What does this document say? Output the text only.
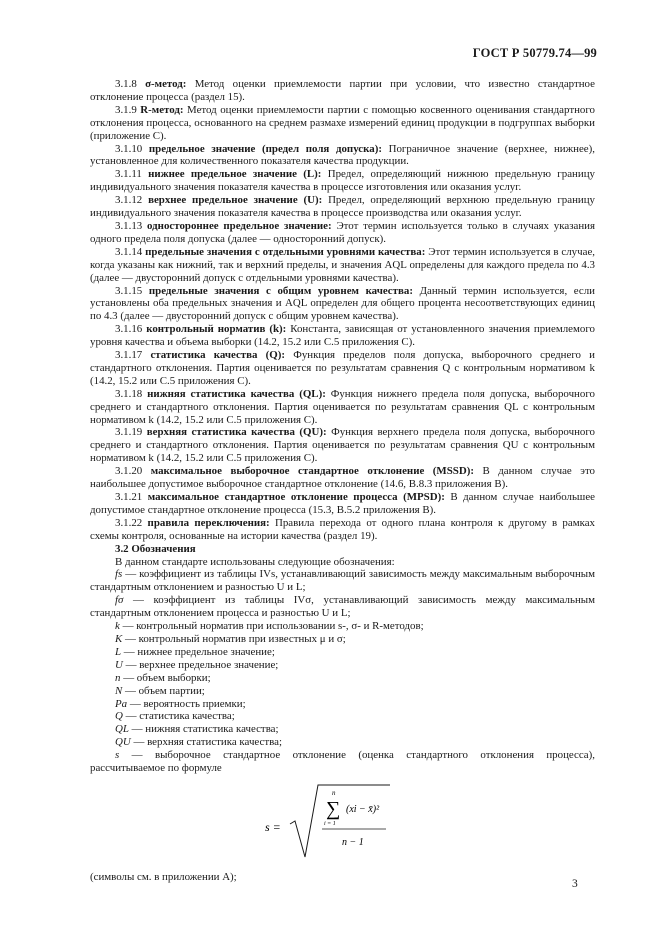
ГОСТ Р 50779.74—99

3.1.8 σ-метод: Метод оценки приемлемости партии при условии, что известно стандартное отклонение процесса (раздел 15).

3.1.9 R-метод: Метод оценки приемлемости партии с помощью косвенного оценивания стандартного отклонения процесса, основанного на среднем размахе измерений единиц продукции в подгруппах выборки (приложение С).

3.1.10 предельное значение (предел поля допуска): Пограничное значение (верхнее, нижнее), установленное для количественного показателя качества продукции.

3.1.11 нижнее предельное значение (L): Предел, определяющий нижнюю предельную границу индивидуального значения показателя качества в процессе изготовления или оказания услуг.

3.1.12 верхнее предельное значение (U): Предел, определяющий верхнюю предельную границу индивидуального значения показателя качества в процессе производства или оказания услуг.

3.1.13 одностороннее предельное значение: Этот термин используется только в случаях указания одного предела поля допуска (далее — односторонний допуск).

3.1.14 предельные значения с отдельными уровнями качества: Этот термин используется в случае, когда указаны как нижний, так и верхний пределы, и значения AQL определены для каждого предела по 4.3 (далее — двусторонний допуск с отдельными уровнями качества).

3.1.15 предельные значения с общим уровнем качества: Данный термин используется, если установлены оба предельных значения и AQL определен для общего процента несоответствующих единиц по 4.3 (далее — двусторонний допуск с общим уровнем качества).

3.1.16 контрольный норматив (k): Константа, зависящая от установленного значения приемлемого уровня качества и объема выборки (14.2, 15.2 или С.5 приложения С).

3.1.17 статистика качества (Q): Функция пределов поля допуска, выборочного среднего и стандартного отклонения. Партия оценивается по результатам сравнения Q с контрольным нормативом k (14.2, 15.2 или С.5 приложения С).

3.1.18 нижняя статистика качества (QL): Функция нижнего предела поля допуска, выборочного среднего и стандартного отклонения. Партия оценивается по результатам сравнения QL с контрольным нормативом k (14.2, 15.2 или С.5 приложения С).

3.1.19 верхняя статистика качества (QU): Функция верхнего предела поля допуска, выборочного среднего и стандартного отклонения. Партия оценивается по результатам сравнения QU с контрольным нормативом k (14.2, 15.2 или С.5 приложения С).

3.1.20 максимальное выборочное стандартное отклонение (MSSD): В данном случае это наибольшее допустимое выборочное стандартное отклонение (14.6, В.8.3 приложения В).

3.1.21 максимальное стандартное отклонение процесса (MPSD): В данном случае наибольшее допустимое стандартное отклонение процесса (15.3, В.5.2 приложения В).

3.1.22 правила переключения: Правила перехода от одного плана контроля к другому в рамках схемы контроля, основанные на истории качества (раздел 19).

3.2 Обозначения

В данном стандарте использованы следующие обозначения:

fs — коэффициент из таблицы IVs, устанавливающий зависимость между максимальным выборочным стандартным отклонением и разностью U и L;

fσ — коэффициент из таблицы IVσ, устанавливающий зависимость между максимальным стандартным отклонением процесса и разностью U и L;

k — контрольный норматив при использовании s-, σ- и R-методов;

K — контрольный норматив при известных μ и σ;

L — нижнее предельное значение;

U — верхнее предельное значение;

n — объем выборки;

N — объем партии;

Pa — вероятность приемки;

Q — статистика качества;

QL — нижняя статистика качества;

QU — верхняя статистика качества;

s — выборочное стандартное отклонение (оценка стандартного отклонения процесса), рассчитываемое по формуле

s =
n
∑
i = 1
(xi − x̄)²
n − 1

(символы см. в приложении А);

3
